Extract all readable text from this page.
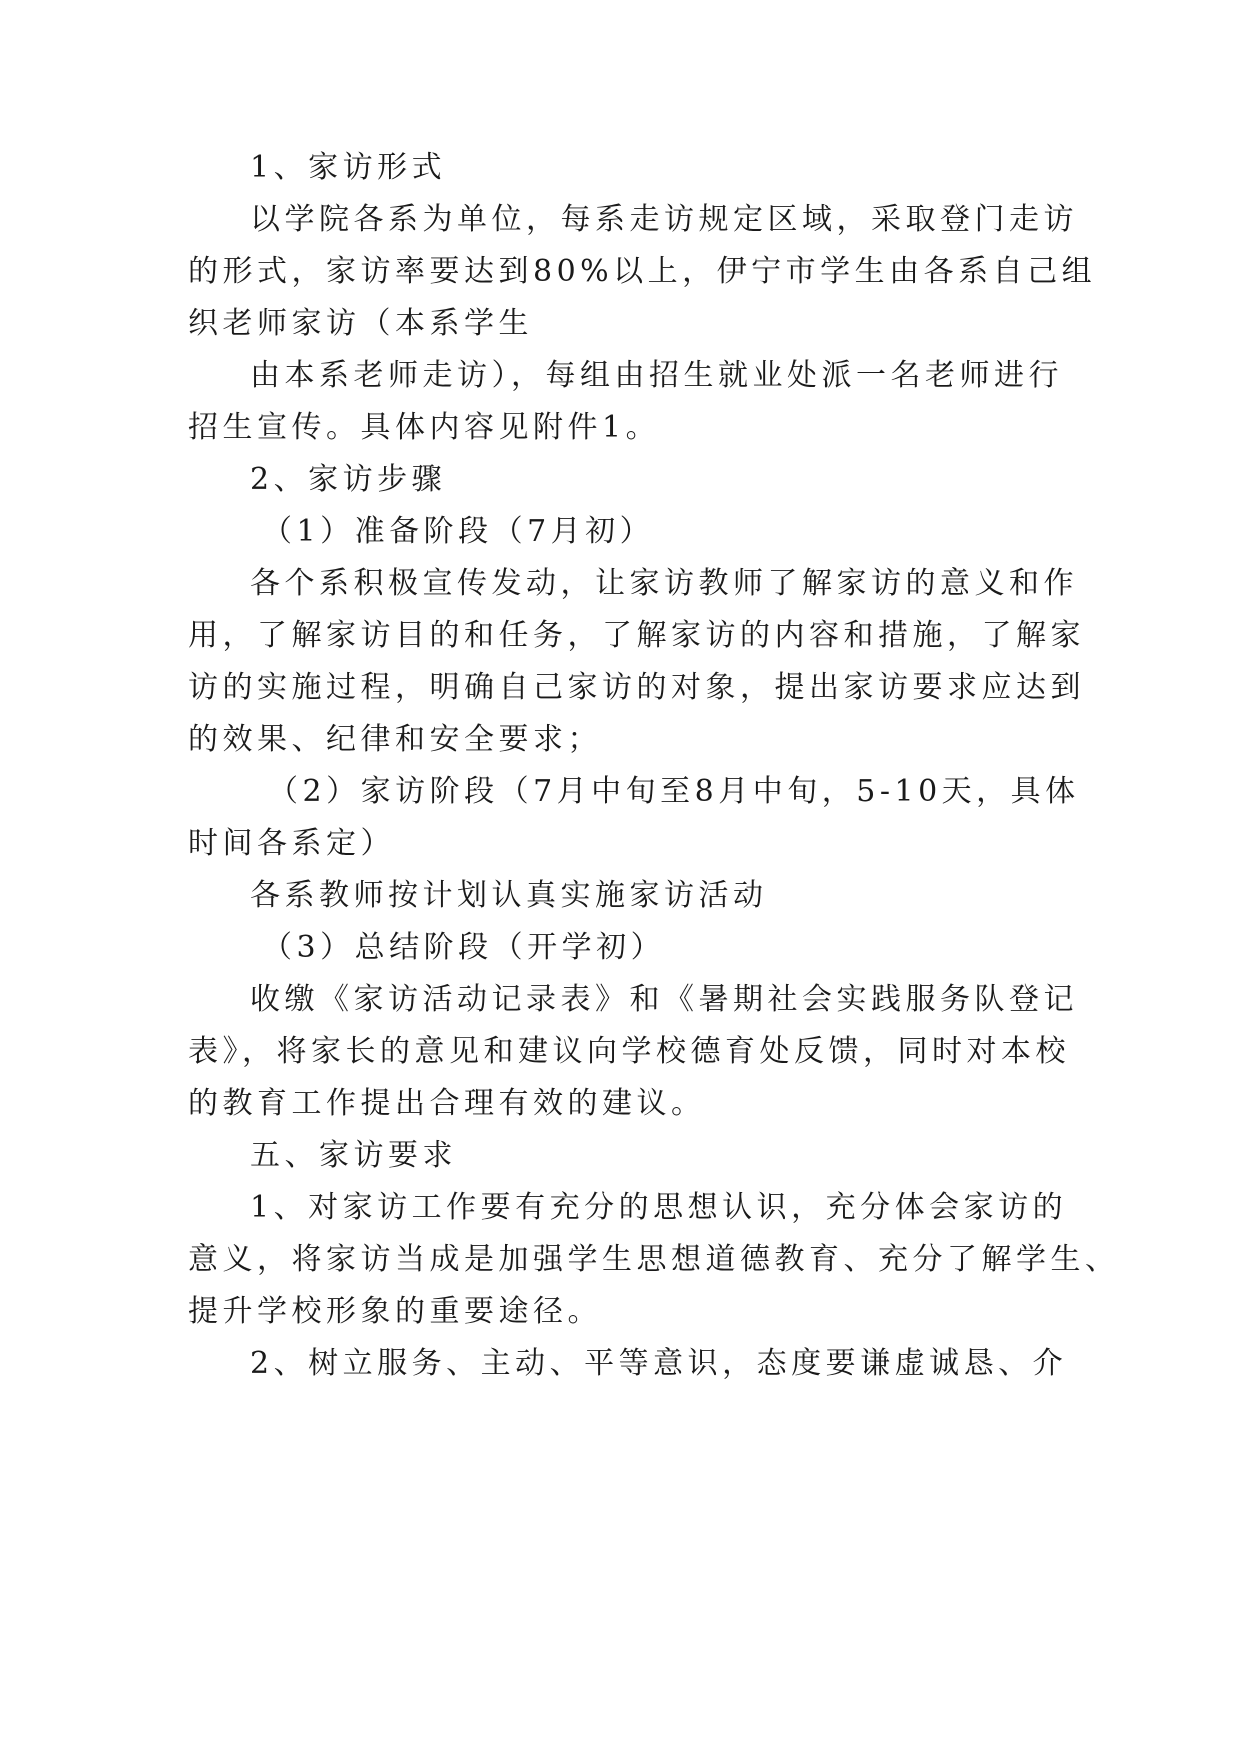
1、家访形式
以学院各系为单位，每系走访规定区域，采取登门走访
的形式，家访率要达到80%以上，伊宁市学生由各系自己组
织老师家访（本系学生
由本系老师走访），每组由招生就业处派一名老师进行
招生宣传。具体内容见附件1。
2、家访步骤
（1）准备阶段（7月初）
各个系积极宣传发动，让家访教师了解家访的意义和作
用，了解家访目的和任务，了解家访的内容和措施，了解家
访的实施过程，明确自己家访的对象，提出家访要求应达到
的效果、纪律和安全要求；
（2）家访阶段（7月中旬至8月中旬，5-10天，具体
时间各系定）
各系教师按计划认真实施家访活动
（3）总结阶段（开学初）
收缴《家访活动记录表》和《暑期社会实践服务队登记
表》，将家长的意见和建议向学校德育处反馈，同时对本校
的教育工作提出合理有效的建议。
五、家访要求
1、对家访工作要有充分的思想认识，充分体会家访的
意义，将家访当成是加强学生思想道德教育、充分了解学生、
提升学校形象的重要途径。
2、树立服务、主动、平等意识，态度要谦虚诚恳、介
